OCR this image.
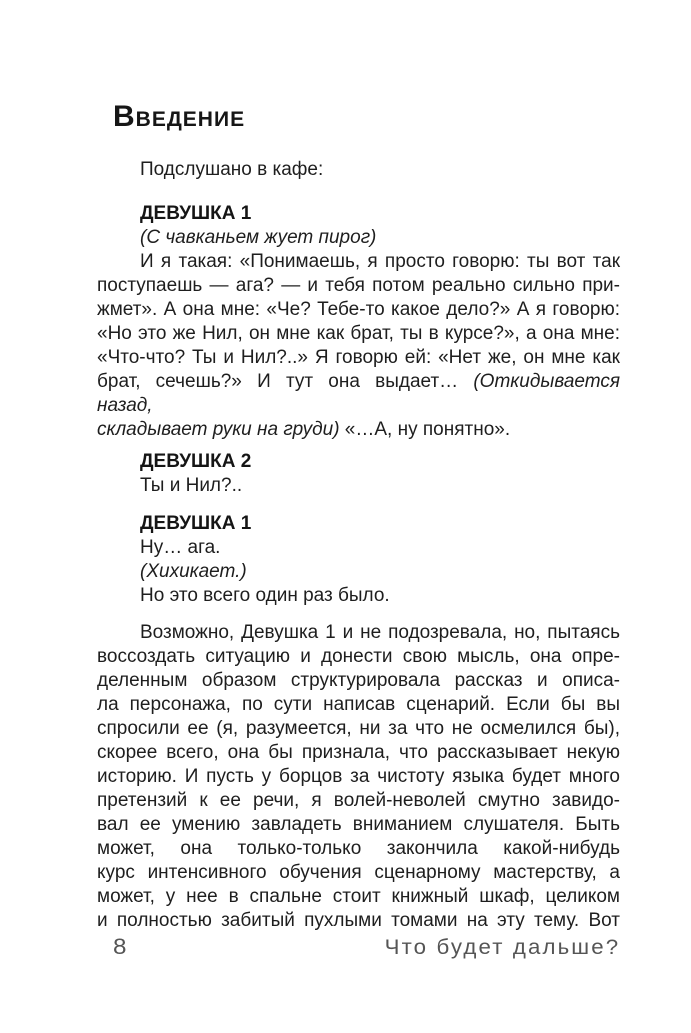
Введение
Подслушано в кафе:
ДЕВУШКА 1
(С чавканьем жует пирог)
И я такая: «Понимаешь, я просто говорю: ты вот так
поступаешь — ага? — и тебя потом реально сильно при-
жмет». А она мне: «Че? Тебе-то какое дело?» А я говорю:
«Но это же Нил, он мне как брат, ты в курсе?», а она мне:
«Что-что? Ты и Нил?..» Я говорю ей: «Нет же, он мне как
брат, сечешь?» И тут она выдает… (Откидывается назад,
складывает руки на груди) «…А, ну понятно».
ДЕВУШКА 2
Ты и Нил?..
ДЕВУШКА 1
Ну… ага.
(Хихикает.)
Но это всего один раз было.
Возможно, Девушка 1 и не подозревала, но, пытаясь
воссоздать ситуацию и донести свою мысль, она опре-
деленным образом структурировала рассказ и описа-
ла персонажа, по сути написав сценарий. Если бы вы
спросили ее (я, разумеется, ни за что не осмелился бы),
скорее всего, она бы признала, что рассказывает некую
историю. И пусть у борцов за чистоту языка будет много
претензий к ее речи, я волей-неволей смутно завидо-
вал ее умению завладеть вниманием слушателя. Быть
может, она только-только закончила какой-нибудь
курс интенсивного обучения сценарному мастерству, а
может, у нее в спальне стоит книжный шкаф, целиком
и полностью забитый пухлыми томами на эту тему. Вот
8	Что будет дальше?
